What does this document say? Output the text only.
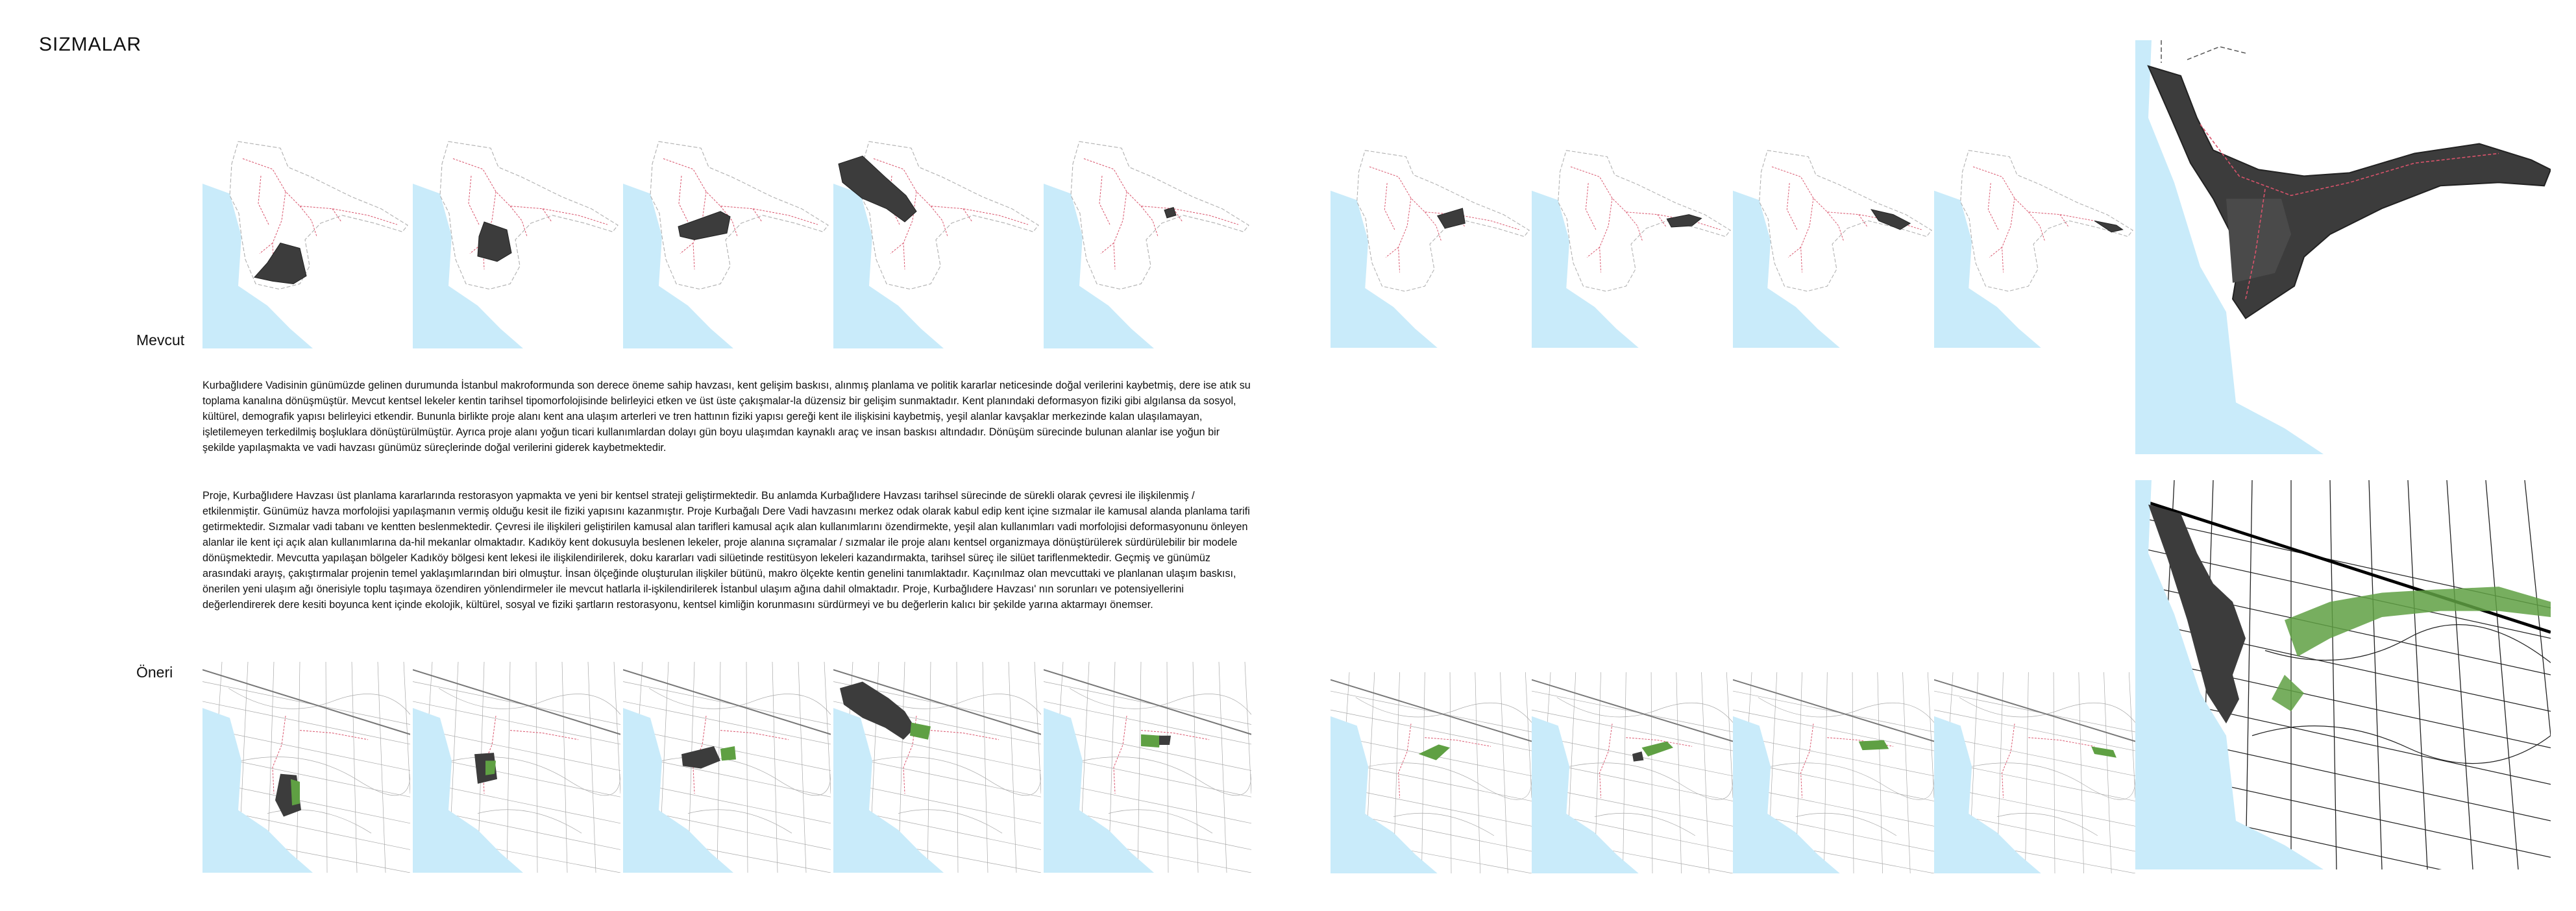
SIZMALAR
Mevcut
Öneri

Kurbağlıdere Vadisinin günümüzde gelinen durumunda İstanbul makroformunda son derece öneme sahip havzası, kent gelişim baskısı, alınmış planlama ve politik kararlar neticesinde doğal verilerini kaybetmiş, dere ise atık su toplama kanalına dönüşmüştür. Mevcut kentsel lekeler kentin tarihsel tipomorfolojisinde belirleyici etken ve üst üste çakışmalar-la düzensiz bir gelişim sunmaktadır. Kent planındaki deformasyon fiziki gibi algılansa da sosyol, kültürel, demografik yapısı belirleyici etkendir. Bununla birlikte proje alanı kent ana ulaşım arterleri ve tren hattının fiziki yapısı gereği kent ile ilişkisini kaybetmiş, yeşil alanlar kavşaklar merkezinde kalan ulaşılamayan, işletilemeyen terkedilmiş boşluklara dönüştürülmüştür. Ayrıca proje alanı yoğun ticari kullanımlardan dolayı gün boyu ulaşımdan kaynaklı araç ve insan baskısı altındadır. Dönüşüm sürecinde bulunan alanlar ise yoğun bir şekilde yapılaşmakta ve vadi havzası günümüz süreçlerinde doğal verilerini giderek kaybetmektedir.

Proje, Kurbağlıdere Havzası üst planlama kararlarında restorasyon yapmakta ve yeni bir kentsel strateji geliştirmektedir. Bu anlamda Kurbağlıdere Havzası tarihsel sürecinde de sürekli olarak çevresi ile ilişkilenmiş / etkilenmiştir. Günümüz havza morfolojisi yapılaşmanın vermiş olduğu kesit ile fiziki yapısını kazanmıştır. Proje Kurbağalı Dere Vadi havzasını merkez odak olarak kabul edip kent içine sızmalar ile kamusal alanda planlama tarifi getirmektedir. Sızmalar vadi tabanı ve kentten beslenmektedir. Çevresi ile ilişkileri geliştirilen kamusal alan tarifleri kamusal açık alan kullanımlarını özendirmekte, yeşil alan kullanımları vadi morfolojisi deformasyonunu önleyen alanlar ile kent içi açık alan kullanımlarına da-hil mekanlar olmaktadır. Kadıköy kent dokusuyla beslenen lekeler, proje alanına sıçramalar / sızmalar ile proje alanı kentsel organizmaya dönüştürülerek sürdürülebilir bir modele dönüşmektedir. Mevcutta yapılaşan bölgeler Kadıköy bölgesi kent lekesi ile ilişkilendirilerek, doku kararları vadi silüetinde restitüsyon lekeleri kazandırmakta, tarihsel süreç ile silüet tariflenmektedir. Geçmiş ve günümüz arasındaki arayış, çakıştırmalar projenin temel yaklaşımlarından biri olmuştur. İnsan ölçeğinde oluşturulan ilişkiler bütünü, makro ölçekte kentin genelini tanımlaktadır. Kaçınılmaz olan mevcuttaki ve planlanan ulaşım baskısı, önerilen yeni ulaşım ağı önerisiyle toplu taşımaya özendiren yönlendirmeler ile mevcut hatlarla il-işkilendirilerek İstanbul ulaşım ağına dahil olmaktadır. Proje, Kurbağlıdere Havzası' nın sorunları ve potensiyellerini değerlendirerek dere kesiti boyunca kent içinde ekolojik, kültürel, sosyal ve fiziki şartların restorasyonu, kentsel kimliğin korunmasını sürdürmeyi ve bu değerlerin kalıcı bir şekilde yarına aktarmayı önemser.
